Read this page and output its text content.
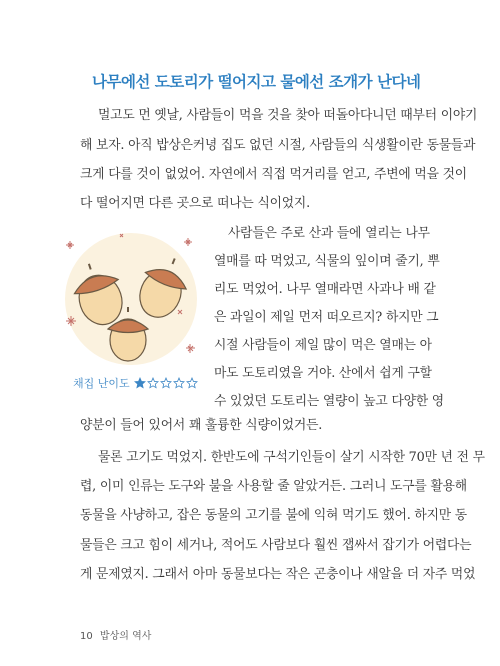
나무에선 도토리가 떨어지고 물에선 조개가 난다네
멀고도 먼 옛날, 사람들이 먹을 것을 찾아 떠돌아다니던 때부터 이야기
해 보자. 아직 밥상은커녕 집도 없던 시절, 사람들의 식생활이란 동물들과
크게 다를 것이 없었어. 자연에서 직접 먹거리를 얻고, 주변에 먹을 것이
다 떨어지면 다른 곳으로 떠나는 식이었지.
사람들은 주로 산과 들에 열리는 나무
열매를 따 먹었고, 식물의 잎이며 줄기, 뿌
리도 먹었어. 나무 열매라면 사과나 배 같
은 과일이 제일 먼저 떠오르지? 하지만 그
시절 사람들이 제일 많이 먹은 열매는 아
마도 도토리였을 거야. 산에서 쉽게 구할
수 있었던 도토리는 열량이 높고 다양한 영
양분이 들어 있어서 꽤 훌륭한 식량이었거든.
물론 고기도 먹었지. 한반도에 구석기인들이 살기 시작한 70만 년 전 무
렵, 이미 인류는 도구와 불을 사용할 줄 알았거든. 그러니 도구를 활용해
동물을 사냥하고, 잡은 동물의 고기를 불에 익혀 먹기도 했어. 하지만 동
물들은 크고 힘이 세거나, 적어도 사람보다 훨씬 잽싸서 잡기가 어렵다는
게 문제였지. 그래서 아마 동물보다는 작은 곤충이나 새알을 더 자주 먹었
채집 난이도
10 밥상의 역사
